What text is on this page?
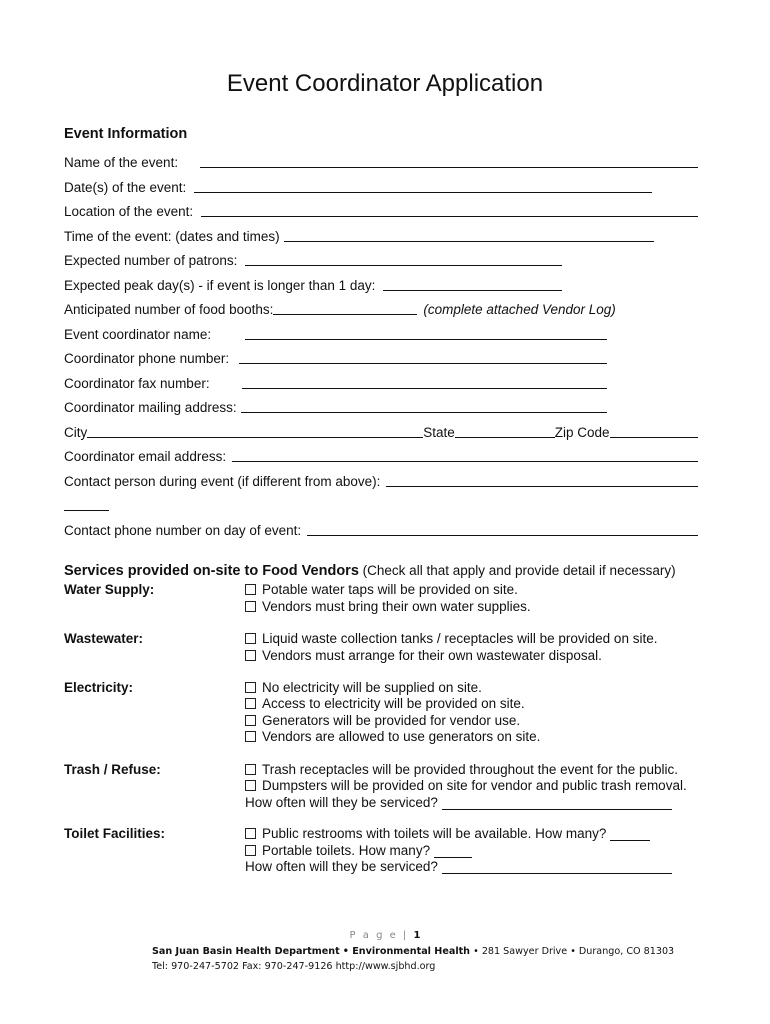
Event Coordinator Application
Event Information
Name of the event:
Date(s) of the event:
Location of the event:
Time of the event: (dates and times)
Expected number of patrons:
Expected peak day(s) - if event is longer than 1 day:
Anticipated number of food booths:	(complete attached Vendor Log)
Event coordinator name:
Coordinator phone number:
Coordinator fax number:
Coordinator mailing address:
City	State	Zip Code
Coordinator email address:
Contact person during event (if different from above):
Contact phone number on day of event:
Services provided on-site to Food Vendors (Check all that apply and provide detail if necessary)
Water Supply:	Potable water taps will be provided on site.
Vendors must bring their own water supplies.
Wastewater:	Liquid waste collection tanks / receptacles will be provided on site.
Vendors must arrange for their own wastewater disposal.
Electricity:	No electricity will be supplied on site.
Access to electricity will be provided on site.
Generators will be provided for vendor use.
Vendors are allowed to use generators on site.
Trash / Refuse:	Trash receptacles will be provided throughout the event for the public.
Dumpsters will be provided on site for vendor and public trash removal.
How often will they be serviced?
Toilet Facilities:	Public restrooms with toilets will be available. How many?
Portable toilets. How many?
How often will they be serviced?
P a g e | 1
San Juan Basin Health Department • Environmental Health • 281 Sawyer Drive • Durango, CO 81303
Tel: 970-247-5702 Fax: 970-247-9126 http://www.sjbhd.org
